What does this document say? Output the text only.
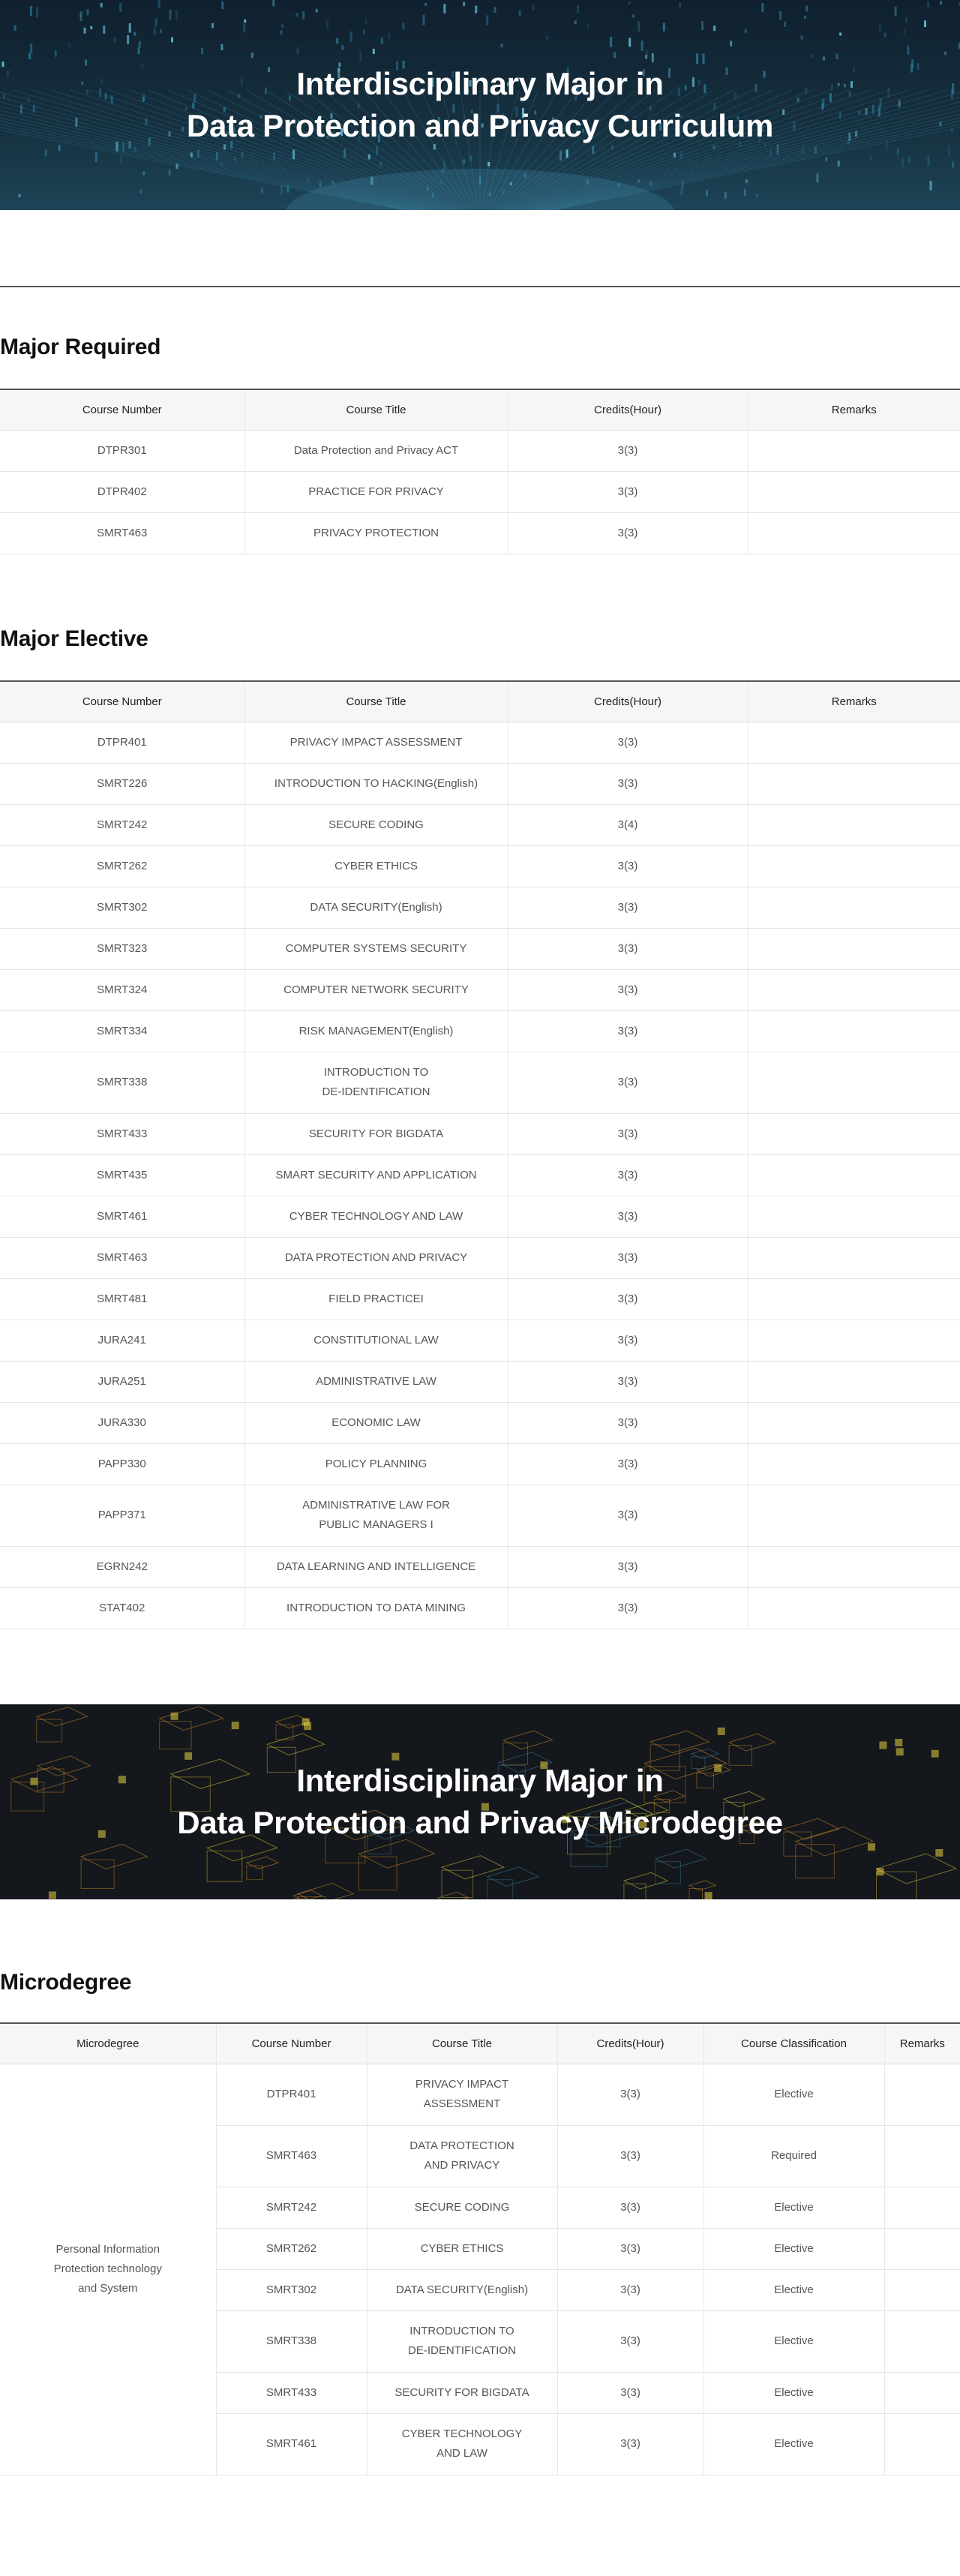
Interdisciplinary Major in
Data Protection and Privacy Curriculum
Major Required
Course Number	Course Title	Credits(Hour)	Remarks
DTPR301	Data Protection and Privacy ACT	3(3)	
DTPR402	PRACTICE FOR PRIVACY	3(3)	
SMRT463	PRIVACY PROTECTION	3(3)	
Major Elective
Course Number	Course Title	Credits(Hour)	Remarks
DTPR401	PRIVACY IMPACT ASSESSMENT	3(3)	
SMRT226	INTRODUCTION TO HACKING(English)	3(3)	
SMRT242	SECURE CODING	3(4)	
SMRT262	CYBER ETHICS	3(3)	
SMRT302	DATA SECURITY(English)	3(3)	
SMRT323	COMPUTER SYSTEMS SECURITY	3(3)	
SMRT324	COMPUTER NETWORK SECURITY	3(3)	
SMRT334	RISK MANAGEMENT(English)	3(3)	
SMRT338	INTRODUCTION TO
DE-IDENTIFICATION	3(3)	
SMRT433	SECURITY FOR BIGDATA	3(3)	
SMRT435	SMART SECURITY AND APPLICATION	3(3)	
SMRT461	CYBER TECHNOLOGY AND LAW	3(3)	
SMRT463	DATA PROTECTION AND PRIVACY	3(3)	
SMRT481	FIELD PRACTICEI	3(3)	
JURA241	CONSTITUTIONAL LAW	3(3)	
JURA251	ADMINISTRATIVE LAW	3(3)	
JURA330	ECONOMIC LAW	3(3)	
PAPP330	POLICY PLANNING	3(3)	
PAPP371	ADMINISTRATIVE LAW FOR
PUBLIC MANAGERS I	3(3)	
EGRN242	DATA LEARNING AND INTELLIGENCE	3(3)	
STAT402	INTRODUCTION TO DATA MINING	3(3)	
Interdisciplinary Major in
Data Protection and Privacy Microdegree
Microdegree
Microdegree	Course Number	Course Title	Credits(Hour)	Course Classification	Remarks
Personal Information
Protection technology
and System	DTPR401	PRIVACY IMPACT
ASSESSMENT	3(3)	Elective	
	SMRT463	DATA PROTECTION
AND PRIVACY	3(3)	Required	
	SMRT242	SECURE CODING	3(3)	Elective	
	SMRT262	CYBER ETHICS	3(3)	Elective	
	SMRT302	DATA SECURITY(English)	3(3)	Elective	
	SMRT338	INTRODUCTION TO
DE-IDENTIFICATION	3(3)	Elective	
	SMRT433	SECURITY FOR BIGDATA	3(3)	Elective	
	SMRT461	CYBER TECHNOLOGY
AND LAW	3(3)	Elective	
